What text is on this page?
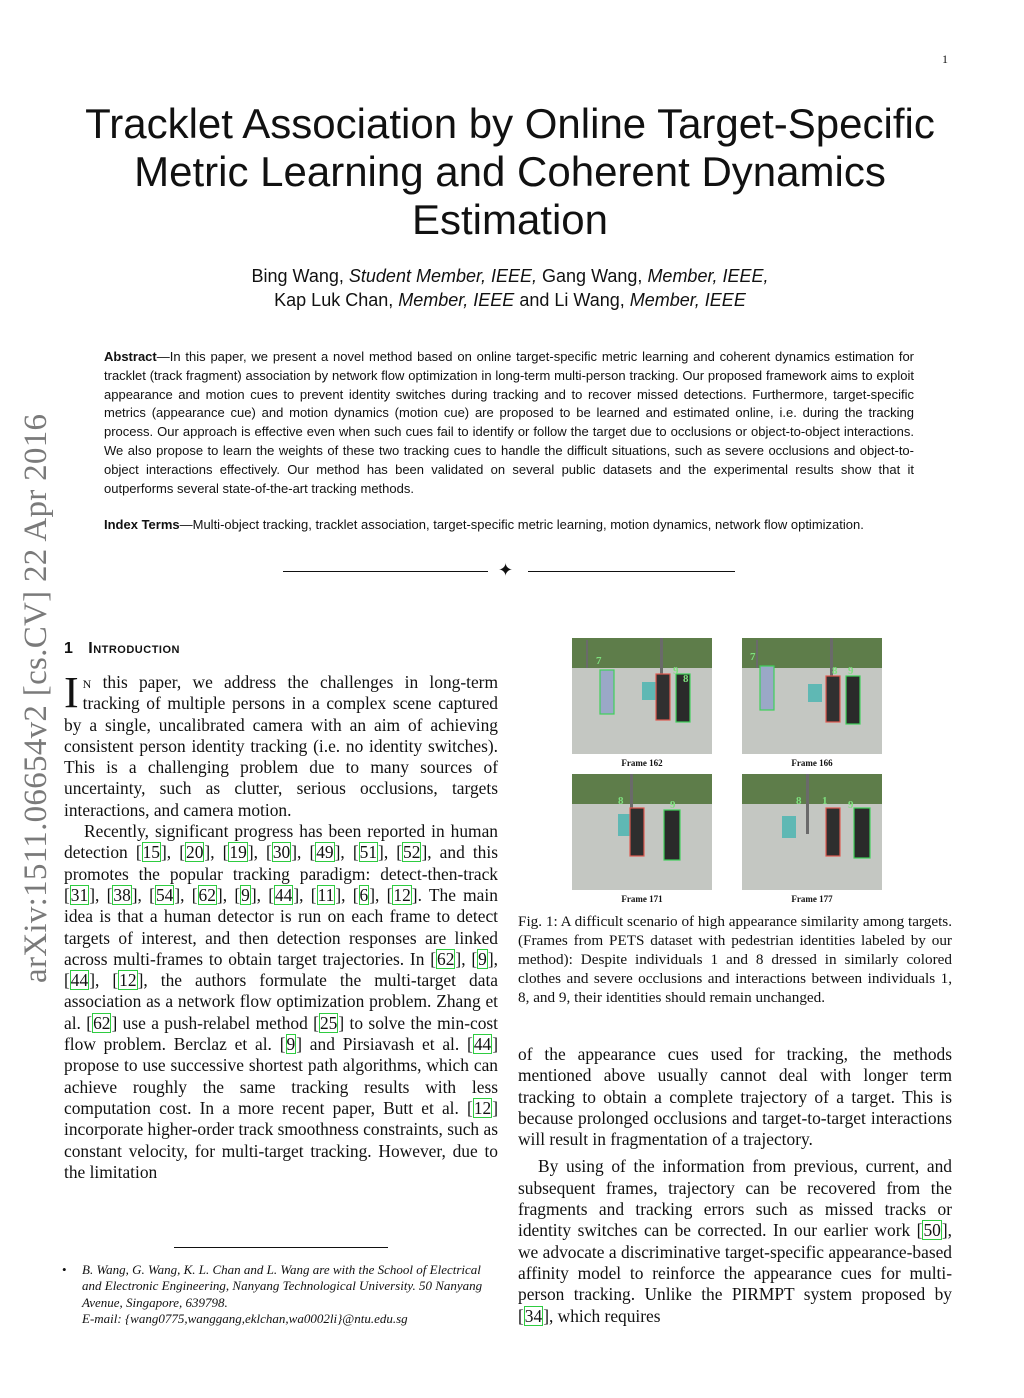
1
arXiv:1511.06654v2 [cs.CV] 22 Apr 2016
Tracklet Association by Online Target-Specific
Metric Learning and Coherent Dynamics
Estimation
Bing Wang, Student Member, IEEE, Gang Wang, Member, IEEE,
Kap Luk Chan, Member, IEEE and Li Wang, Member, IEEE
Abstract—In this paper, we present a novel method based on online target-specific metric learning and coherent dynamics estimation for tracklet (track fragment) association by network flow optimization in long-term multi-person tracking. Our proposed framework aims to exploit appearance and motion cues to prevent identity switches during tracking and to recover missed detections. Furthermore, target-specific metrics (appearance cue) and motion dynamics (motion cue) are proposed to be learned and estimated online, i.e. during the tracking process. Our approach is effective even when such cues fail to identify or follow the target due to occlusions or object-to-object interactions. We also propose to learn the weights of these two tracking cues to handle the difficult situations, such as severe occlusions and object-to-object interactions effectively. Our method has been validated on several public datasets and the experimental results show that it outperforms several state-of-the-art tracking methods.
Index Terms—Multi-object tracking, tracklet association, target-specific metric learning, motion dynamics, network flow optimization.
✦
1 Introduction

In this paper, we address the challenges in long-term tracking of multiple persons in a complex scene captured by a single, uncalibrated camera with an aim of achieving consistent person identity tracking (i.e. no identity switches). This is a challenging problem due to many sources of uncertainty, such as clutter, serious occlusions, targets interactions, and camera motion.

Recently, significant progress has been reported in human detection [15], [20], [19], [30], [49], [51], [52], and this promotes the popular tracking paradigm: detect-then-track [31], [38], [54], [62], [9], [44], [11], [6], [12]. The main idea is that a human detector is run on each frame to detect targets of interest, and then detection responses are linked across multi-frames to obtain target trajectories. In [62], [9], [44], [12], the authors formulate the multi-target data association as a network flow optimization problem. Zhang et al. [62] use a push-relabel method [25] to solve the min-cost flow problem. Berclaz et al. [9] and Pirsiavash et al. [44] propose to use successive shortest path algorithms, which can achieve roughly the same tracking results with less computation cost. In a more recent paper, Butt et al. [12] incorporate higher-order track smoothness constraints, such as constant velocity, for multi-target tracking. However, due to the limitation

• B. Wang, G. Wang, K. L. Chan and L. Wang are with the School of Electrical and Electronic Engineering, Nanyang Technological University. 50 Nanyang Avenue, Singapore, 639798.
E-mail: {wang0775,wanggang,eklchan,wa0002li}@ntu.edu.sg
7
9
8
7
8 9
Frame 162	Frame 166
8	9	8 1 9
Frame 171	Frame 177
Fig. 1: A difficult scenario of high appearance similarity among targets. (Frames from PETS dataset with pedestrian identities labeled by our method): Despite individuals 1 and 8 dressed in similarly colored clothes and severe occlusions and interactions between individuals 1, 8, and 9, their identities should remain unchanged.

of the appearance cues used for tracking, the methods mentioned above usually cannot deal with longer term tracking to obtain a complete trajectory of a target. This is because prolonged occlusions and target-to-target interactions will result in fragmentation of a trajectory.

By using of the information from previous, current, and subsequent frames, trajectory can be recovered from the fragments and tracking errors such as missed tracks or identity switches can be corrected. In our earlier work [50], we advocate a discriminative target-specific appearance-based affinity model to reinforce the appearance cues for multi-person tracking. Unlike the PIRMPT system proposed by [34], which requires
